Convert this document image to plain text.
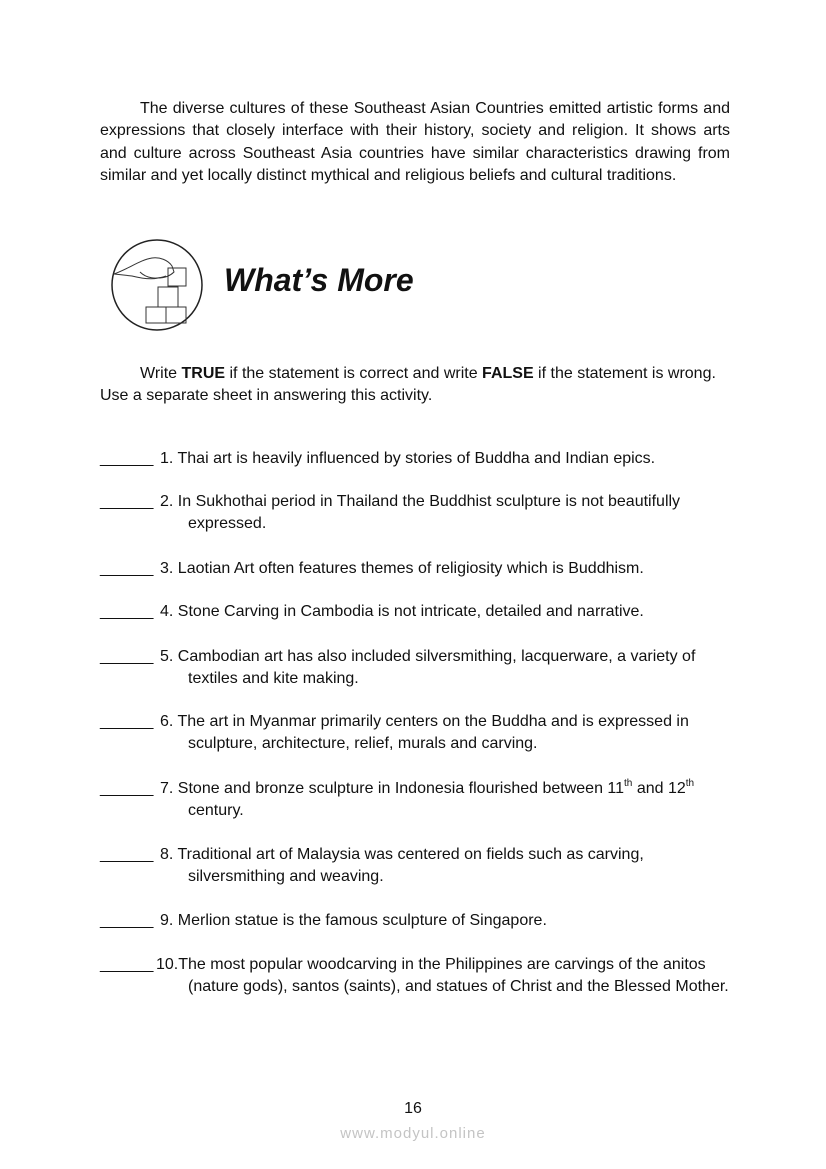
The diverse cultures of these Southeast Asian Countries emitted artistic forms and expressions that closely interface with their history, society and religion. It shows arts and culture across Southeast Asia countries have similar characteristics drawing from similar and yet locally distinct mythical and religious beliefs and cultural traditions.

What’s More

Write TRUE if the statement is correct and write FALSE if the statement is wrong. Use a separate sheet in answering this activity.

______ 1. Thai art is heavily influenced by stories of Buddha and Indian epics.
______ 2. In Sukhothai period in Thailand the Buddhist sculpture is not beautifully expressed.
______ 3. Laotian Art often features themes of religiosity which is Buddhism.
______ 4. Stone Carving in Cambodia is not intricate, detailed and narrative.
______ 5. Cambodian art has also included silversmithing, lacquerware, a variety of textiles and kite making.
______ 6. The art in Myanmar primarily centers on the Buddha and is expressed in sculpture, architecture, relief, murals and carving.
______ 7. Stone and bronze sculpture in Indonesia flourished between 11th and 12th
century.
______ 8. Traditional art of Malaysia was centered on fields such as carving, silversmithing and weaving.
______ 9. Merlion statue is the famous sculpture of Singapore.
______ 10.The most popular woodcarving in the Philippines are carvings of the anitos (nature gods), santos (saints), and statues of Christ and the Blessed Mother.
16
www.modyul.online
